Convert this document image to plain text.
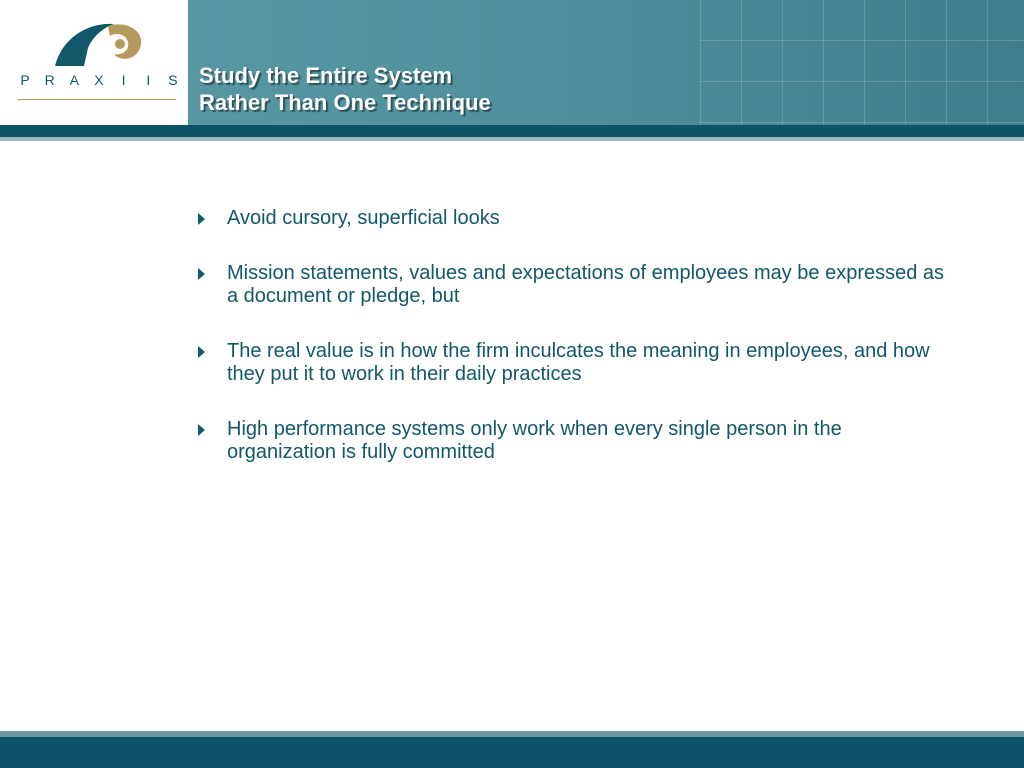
P	R	A	X	I	I	S Study the Entire System
Rather Than One Technique
Avoid cursory, superficial looks
Mission statements, values and expectations of employees may be expressed as a document or pledge, but
The real value is in how the firm inculcates the meaning in employees, and how they put it to work in their daily practices
High performance systems only work when every single person in the organization is fully committed
